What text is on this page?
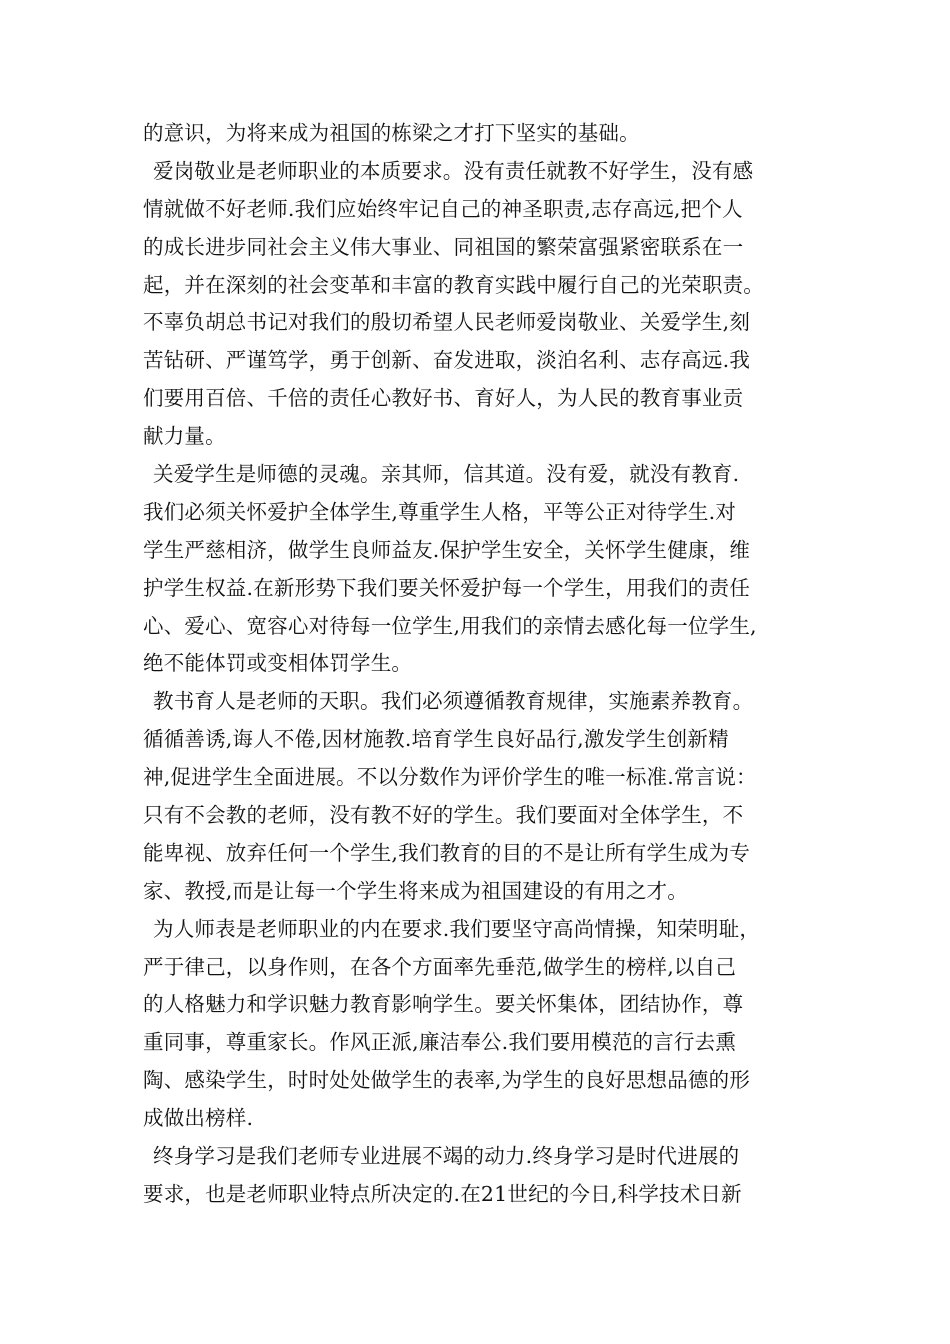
的意识，为将来成为祖国的栋梁之才打下坚实的基础。
爱岗敬业是老师职业的本质要求。没有责任就教不好学生，没有感
情就做不好老师.我们应始终牢记自己的神圣职责,志存高远,把个人
的成长进步同社会主义伟大事业、同祖国的繁荣富强紧密联系在一
起，并在深刻的社会变革和丰富的教育实践中履行自己的光荣职责。
不辜负胡总书记对我们的殷切希望人民老师爱岗敬业、关爱学生,刻
苦钻研、严谨笃学，勇于创新、奋发进取，淡泊名利、志存高远.我
们要用百倍、千倍的责任心教好书、育好人，为人民的教育事业贡
献力量。
关爱学生是师德的灵魂。亲其师，信其道。没有爱，就没有教育.
我们必须关怀爱护全体学生,尊重学生人格，平等公正对待学生.对
学生严慈相济，做学生良师益友.保护学生安全，关怀学生健康，维
护学生权益.在新形势下我们要关怀爱护每一个学生，用我们的责任
心、爱心、宽容心对待每一位学生,用我们的亲情去感化每一位学生,
绝不能体罚或变相体罚学生。
教书育人是老师的天职。我们必须遵循教育规律，实施素养教育。
循循善诱,诲人不倦,因材施教.培育学生良好品行,激发学生创新精
神,促进学生全面进展。不以分数作为评价学生的唯一标准.常言说：
只有不会教的老师，没有教不好的学生。我们要面对全体学生，不
能卑视、放弃任何一个学生,我们教育的目的不是让所有学生成为专
家、教授,而是让每一个学生将来成为祖国建设的有用之才。
为人师表是老师职业的内在要求.我们要坚守高尚情操，知荣明耻，
严于律己，以身作则，在各个方面率先垂范,做学生的榜样,以自己
的人格魅力和学识魅力教育影响学生。要关怀集体，团结协作，尊
重同事，尊重家长。作风正派,廉洁奉公.我们要用模范的言行去熏
陶、感染学生，时时处处做学生的表率,为学生的良好思想品德的形
成做出榜样.
终身学习是我们老师专业进展不竭的动力.终身学习是时代进展的
要求，也是老师职业特点所决定的.在21世纪的今日,科学技术日新
